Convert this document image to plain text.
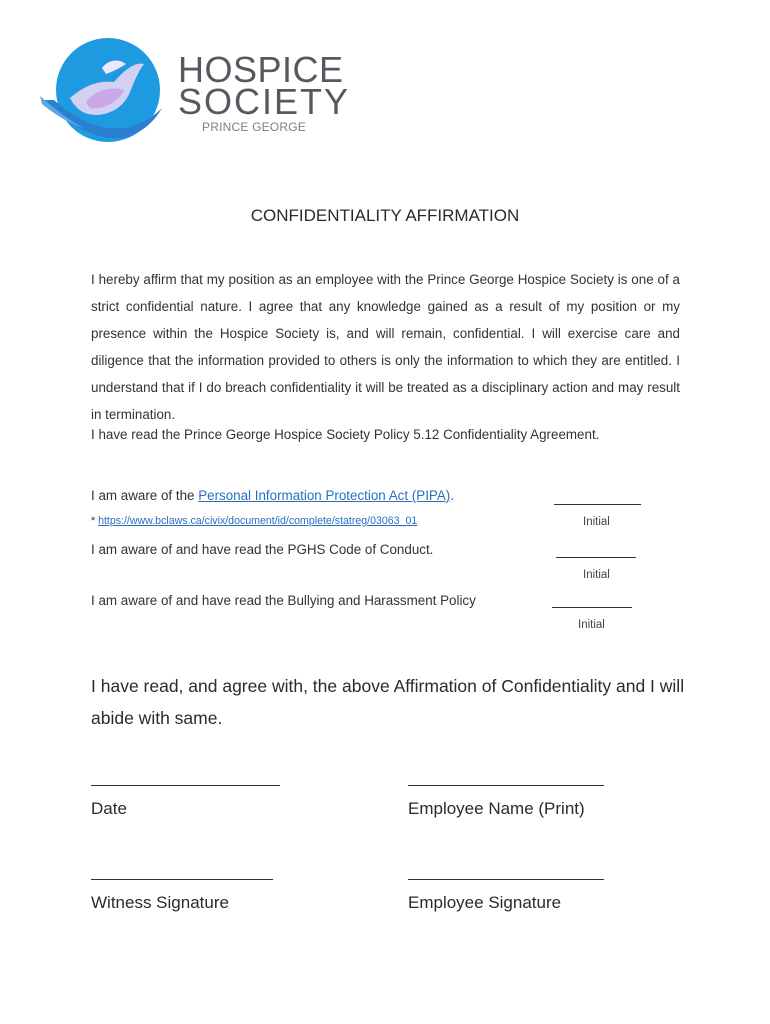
HOSPICE
SOCIETY
PRINCE GEORGE
CONFIDENTIALITY AFFIRMATION
I hereby affirm that my position as an employee with the Prince George Hospice Society is one of a strict confidential nature. I agree that any knowledge gained as a result of my position or my presence within the Hospice Society is, and will remain, confidential. I will exercise care and diligence that the information provided to others is only the information to which they are entitled. I understand that if I do breach confidentiality it will be treated as a disciplinary action and may result in termination.
I have read the Prince George Hospice Society Policy 5.12 Confidentiality Agreement.
I am aware of the Personal Information Protection Act (PIPA).
* https://www.bclaws.ca/civix/document/id/complete/statreg/03063_01	Initial
I am aware of and have read the PGHS Code of Conduct.
Initial
I am aware of and have read the Bullying and Harassment Policy
Initial
I have read, and agree with, the above Affirmation of Confidentiality and I will abide with same.
Date	Employee Name (Print)
Witness Signature	Employee Signature
